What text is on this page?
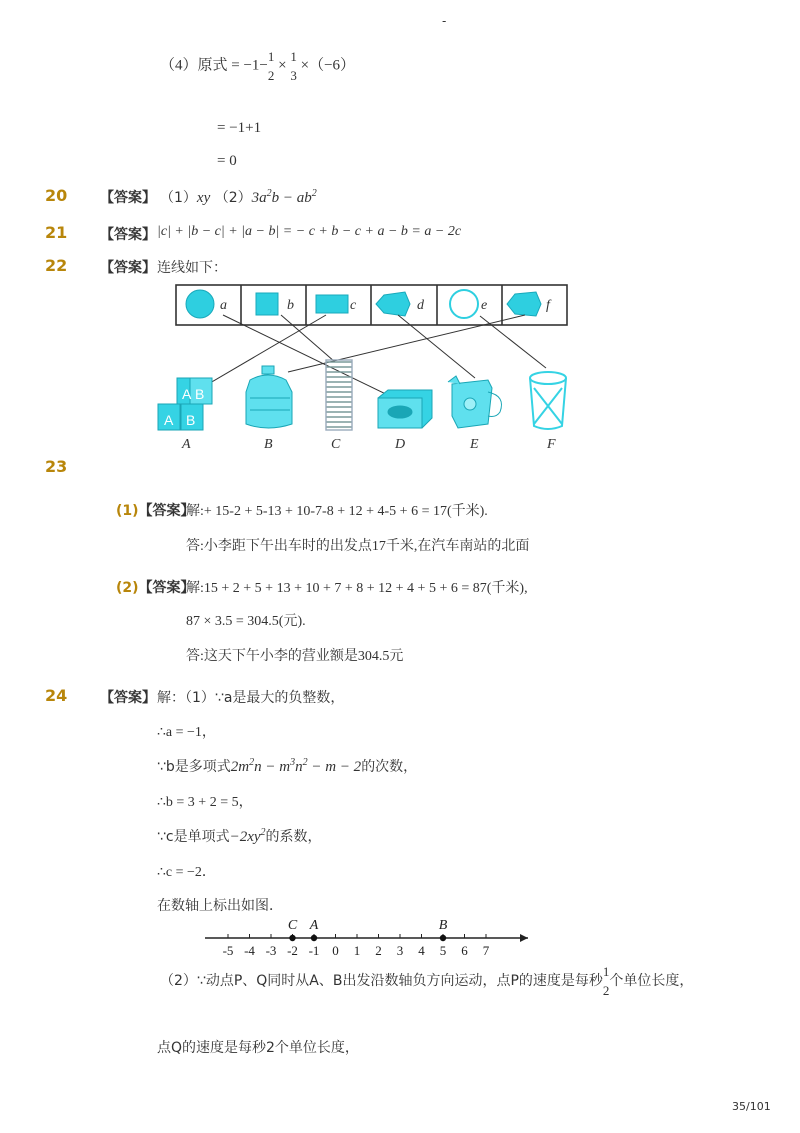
-
35/101
（4）原式 = −1−
1
2
×
1
3
×（−6）
= −1+1
= 0
20 【答案】 （1）xy $(2)3a^2b - ab^2$
21 【答案】 |c| + |b − c| + |a − b| = − c + b − c + a − b = a − 2c
22 【答案】 连线如下：
a	b	c	d	e	f
A B
A B
A	B	C	D	E	F
23
(1)【答案】
解:+ 15-2 + 5-13 + 10-7-8 + 12 + 4-5 + 6 = 17(千米).
答:小李距下午出车时的出发点17千米,在汽车南站的北面
(2)【答案】
解:15 + 2 + 5 + 13 + 10 + 7 + 8 + 12 + 4 + 5 + 6 = 87(千米),
87 × 3.5 = 304.5(元).
答:这天下午小李的营业额是304.5元
24 【答案】 解：（1）∵a是最大的负整数，
∴a = −1，
∵b是多项式$2m^2n - m^3n^2 - m - 2$的次数，
∴b = 3 + 2 = 5，
∵c是单项式$-2xy^2$的系数，
∴c = −2．
在数轴上标出如图．
-5 -4 -3 -2 -1 0 1 2 3 4 5 6 7
C A	B
（2）∵动点P、Q同时从A、B出发沿数轴负方向运动，点P的速度是每秒
1
2
个单位长度，
点Q的速度是每秒2个单位长度，
